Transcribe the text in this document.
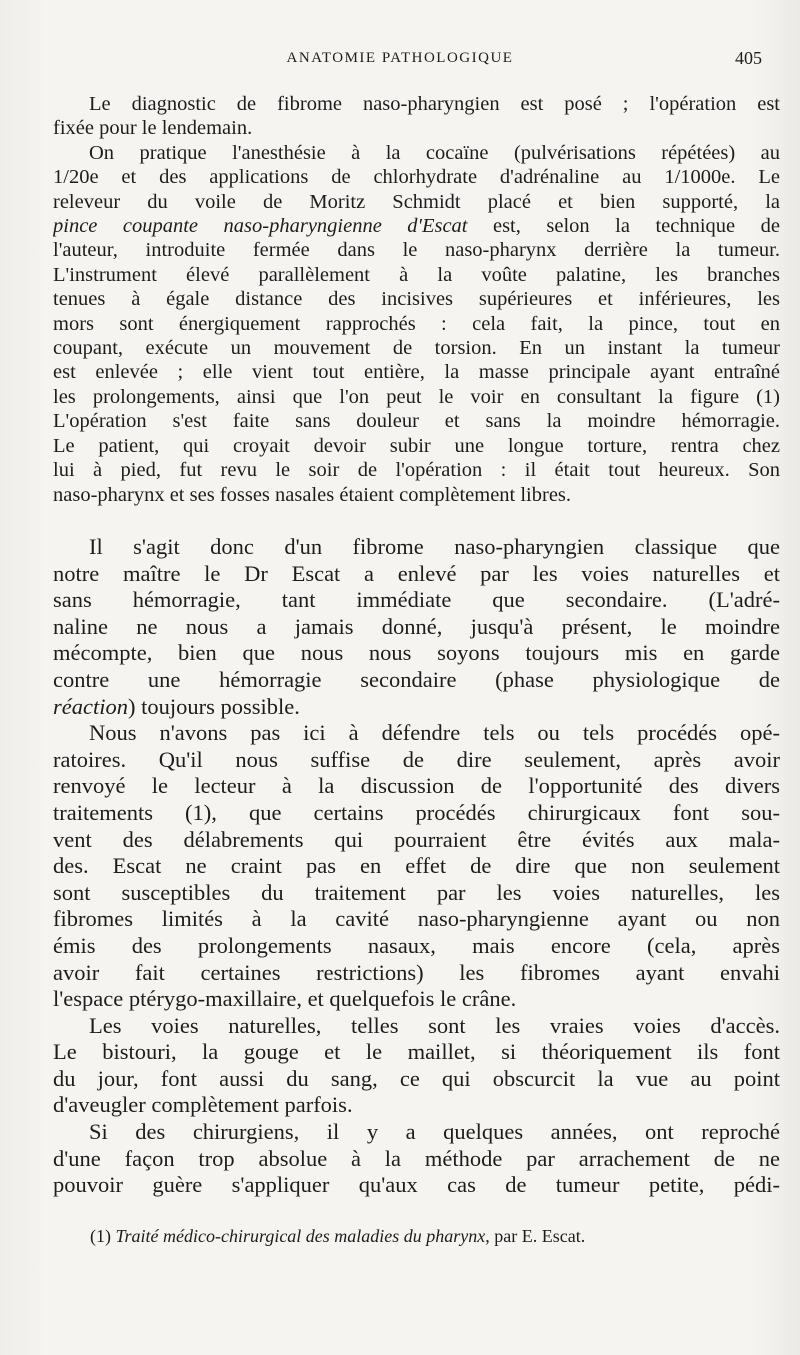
ANATOMIE PATHOLOGIQUE	405
Le diagnostic de fibrome naso-pharyngien est posé ; l'opération est
fixée pour le lendemain.
On pratique l'anesthésie à la cocaïne (pulvérisations répétées) au
1/20e et des applications de chlorhydrate d'adrénaline au 1/1000e. Le
releveur du voile de Moritz Schmidt placé et bien supporté, la
pince coupante naso-pharyngienne d'Escat est, selon la technique de
l'auteur, introduite fermée dans le naso-pharynx derrière la tumeur.
L'instrument élevé parallèlement à la voûte palatine, les branches
tenues à égale distance des incisives supérieures et inférieures, les
mors sont énergiquement rapprochés : cela fait, la pince, tout en
coupant, exécute un mouvement de torsion. En un instant la tumeur
est enlevée ; elle vient tout entière, la masse principale ayant entraîné
les prolongements, ainsi que l'on peut le voir en consultant la figure (1)
L'opération s'est faite sans douleur et sans la moindre hémorragie.
Le patient, qui croyait devoir subir une longue torture, rentra chez
lui à pied, fut revu le soir de l'opération : il était tout heureux. Son
naso-pharynx et ses fosses nasales étaient complètement libres.
Il s'agit donc d'un fibrome naso-pharyngien classique que
notre maître le Dr Escat a enlevé par les voies naturelles et
sans hémorragie, tant immédiate que secondaire. (L'adré-
naline ne nous a jamais donné, jusqu'à présent, le moindre
mécompte, bien que nous nous soyons toujours mis en garde
contre une hémorragie secondaire (phase physiologique de
réaction) toujours possible.
Nous n'avons pas ici à défendre tels ou tels procédés opé-
ratoires. Qu'il nous suffise de dire seulement, après avoir
renvoyé le lecteur à la discussion de l'opportunité des divers
traitements (1), que certains procédés chirurgicaux font sou-
vent des délabrements qui pourraient être évités aux mala-
des. Escat ne craint pas en effet de dire que non seulement
sont susceptibles du traitement par les voies naturelles, les
fibromes limités à la cavité naso-pharyngienne ayant ou non
émis des prolongements nasaux, mais encore (cela, après
avoir fait certaines restrictions) les fibromes ayant envahi
l'espace ptérygo-maxillaire, et quelquefois le crâne.
Les voies naturelles, telles sont les vraies voies d'accès.
Le bistouri, la gouge et le maillet, si théoriquement ils font
du jour, font aussi du sang, ce qui obscurcit la vue au point
d'aveugler complètement parfois.
Si des chirurgiens, il y a quelques années, ont reproché
d'une façon trop absolue à la méthode par arrachement de ne
pouvoir guère s'appliquer qu'aux cas de tumeur petite, pédi-
(1) Traité médico-chirurgical des maladies du pharynx, par E. Escat.
